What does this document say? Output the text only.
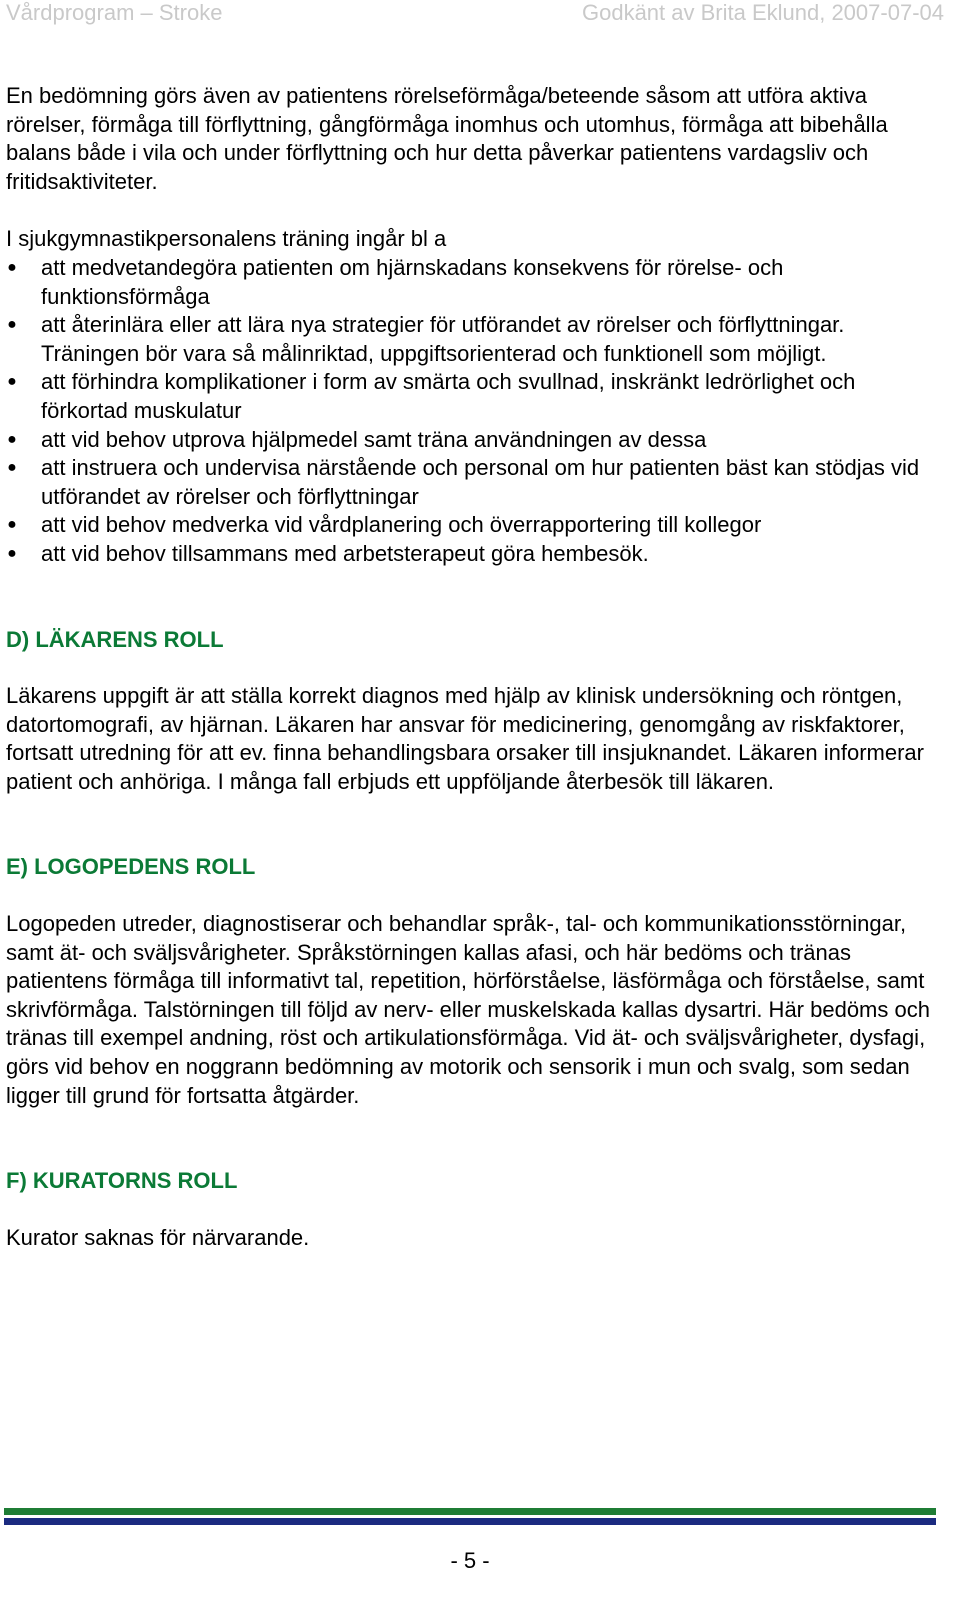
Vårdprogram – Stroke	Godkänt av Brita Eklund, 2007-07-04

En bedömning görs även av patientens rörelseförmåga/beteende såsom att utföra aktiva rörelser, förmåga till förflyttning, gångförmåga inomhus och utomhus, förmåga att bibehålla balans både i vila och under förflyttning och hur detta påverkar patientens vardagsliv och fritidsaktiviteter.

I sjukgymnastikpersonalens träning ingår bl a

● att medvetandegöra patienten om hjärnskadans konsekvens för rörelse- och funktionsförmåga
● att återinlära eller att lära nya strategier för utförandet av rörelser och förflyttningar. Träningen bör vara så målinriktad, uppgiftsorienterad och funktionell som möjligt.
● att förhindra komplikationer i form av smärta och svullnad, inskränkt ledrörlighet och förkortad muskulatur
● att vid behov utprova hjälpmedel samt träna användningen av dessa
● att instruera och undervisa närstående och personal om hur patienten bäst kan stödjas vid utförandet av rörelser och förflyttningar
● att vid behov medverka vid vårdplanering och överrapportering till kollegor
● att vid behov tillsammans med arbetsterapeut göra hembesök.
D) LÄKARENS ROLL

Läkarens uppgift är att ställa korrekt diagnos med hjälp av klinisk undersökning och röntgen, datortomografi, av hjärnan. Läkaren har ansvar för medicinering, genomgång av riskfaktorer, fortsatt utredning för att ev. finna behandlingsbara orsaker till insjuknandet. Läkaren informerar patient och anhöriga. I många fall erbjuds ett uppföljande återbesök till läkaren.

E) LOGOPEDENS ROLL

Logopeden utreder, diagnostiserar och behandlar språk-, tal- och kommunikationsstörningar, samt ät- och sväljsvårigheter. Språkstörningen kallas afasi, och här bedöms och tränas patientens förmåga till informativt tal, repetition, hörförståelse, läsförmåga och förståelse, samt skrivförmåga. Talstörningen till följd av nerv- eller muskelskada kallas dysartri. Här bedöms och tränas till exempel andning, röst och artikulationsförmåga. Vid ät- och sväljsvårigheter, dysfagi, görs vid behov en noggrann bedömning av motorik och sensorik i mun och svalg, som sedan ligger till grund för fortsatta åtgärder.

F) KURATORNS ROLL

Kurator saknas för närvarande.

- 5 -
